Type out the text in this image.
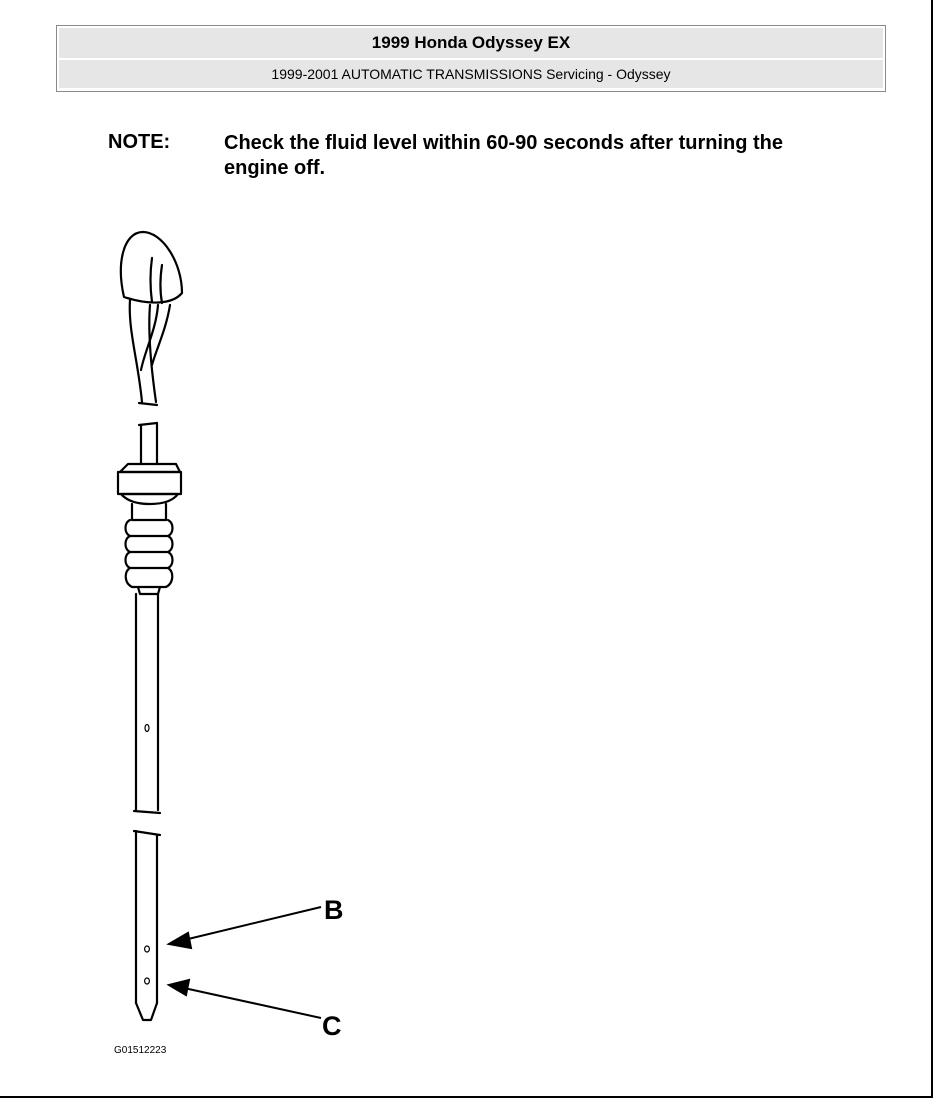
1999 Honda Odyssey EX
1999-2001 AUTOMATIC TRANSMISSIONS Servicing - Odyssey
NOTE:	Check the fluid level within 60-90 seconds after turning the engine off.
B
C
G01512223
